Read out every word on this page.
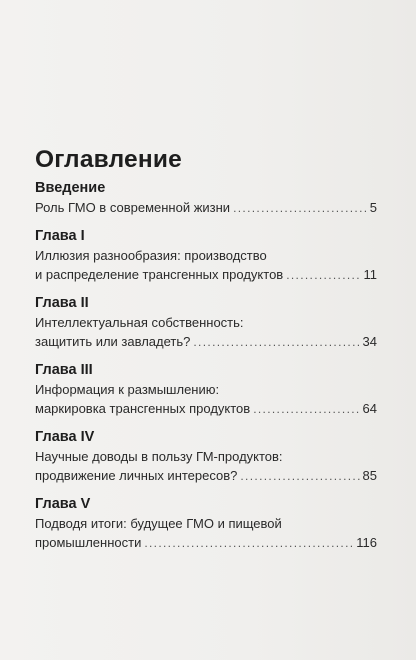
Оглавление
Введение
Роль ГМО в современной жизни . . .	5
Глава I
Иллюзия разнообразия: производство
и распределение трансгенных продуктов . . .	11
Глава II
Интеллектуальная собственность:
защитить или завладеть? . . .	34
Глава III
Информация к размышлению:
маркировка трансгенных продуктов . . .	64
Глава IV
Научные доводы в пользу ГМ-продуктов:
продвижение личных интересов? . . .	85
Глава V
Подводя итоги: будущее ГМО и пищевой
промышленности . . .	116
